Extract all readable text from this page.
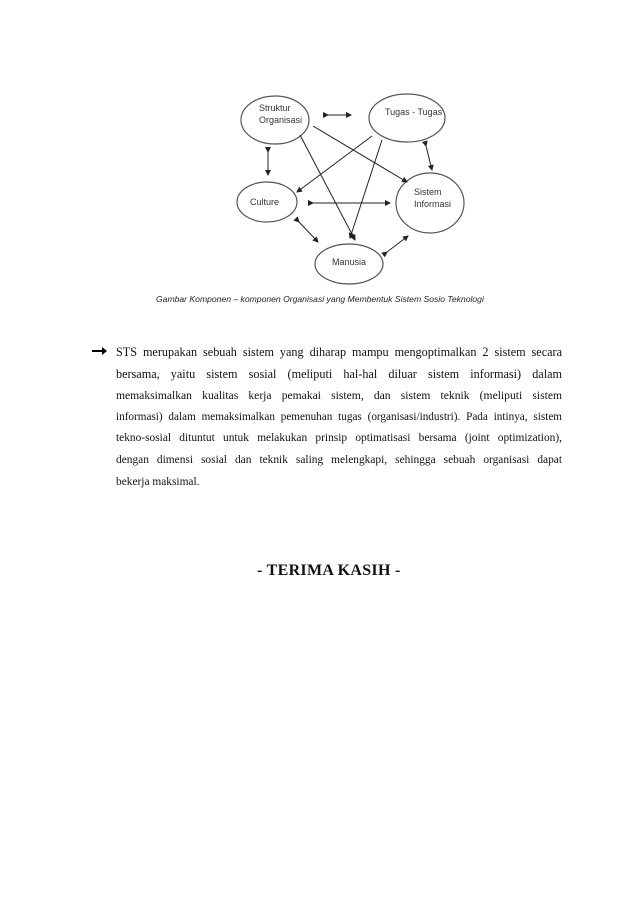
Struktur
Organisasi
Tugas - Tugas
Culture
Sistem
Informasi
Manusia
Gambar Komponen – komponen Organisasi yang Membentuk Sistem Sosio Teknologi
STS merupakan sebuah sistem yang diharap mampu mengoptimalkan 2 sistem secara
bersama, yaitu sistem sosial (meliputi hal-hal diluar sistem informasi) dalam
memaksimalkan kualitas kerja pemakai sistem, dan sistem teknik (meliputi sistem
informasi) dalam memaksimalkan pemenuhan tugas (organisasi/industri). Pada intinya, sistem
tekno-sosial dituntut untuk melakukan prinsip optimatisasi bersama (joint optimization),
dengan dimensi sosial dan teknik saling melengkapi, sehingga sebuah organisasi dapat
bekerja maksimal.
- TERIMA KASIH -
